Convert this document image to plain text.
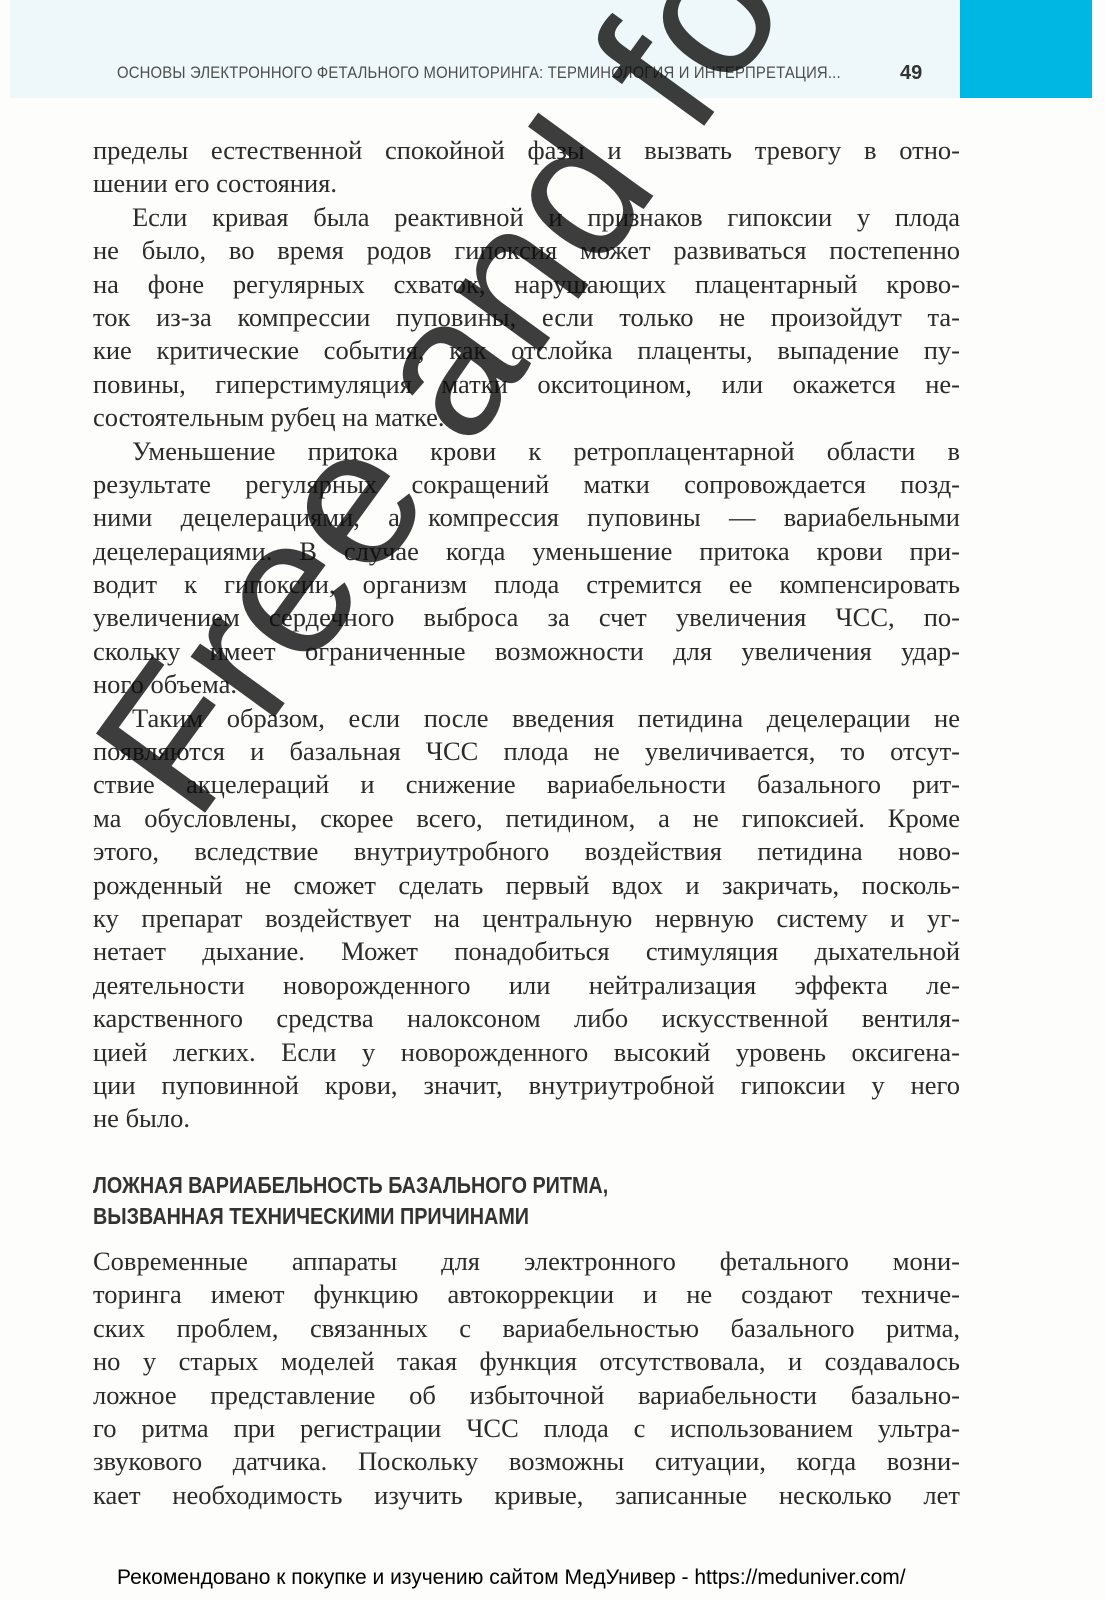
ОСНОВЫ ЭЛЕКТРОННОГО ФЕТАЛЬНОГО МОНИТОРИНГА: ТЕРМИНОЛОГИЯ И ИНТЕРПРЕТАЦИЯ...	49
пределы естественной спокойной фазы и вызвать тревогу в отно-
шении его состояния.
Если кривая была реактивной и признаков гипоксии у плода
не было, во время родов гипоксия может развиваться постепенно
на фоне регулярных схваток, нарушающих плацентарный крово-
ток из-за компрессии пуповины, если только не произойдут та-
кие критические события, как отслойка плаценты, выпадение пу-
повины, гиперстимуляция матки окситоцином, или окажется не-
состоятельным рубец на матке.
Уменьшение притока крови к ретроплацентарной области в
результате регулярных сокращений матки сопровождается позд-
ними децелерациями, а компрессия пуповины — вариабельными
децелерациями. В случае когда уменьшение притока крови при-
водит к гипоксии, организм плода стремится ее компенсировать
увеличением сердечного выброса за счет увеличения ЧСС, по-
скольку имеет ограниченные возможности для увеличения удар-
ного объема.
Таким образом, если после введения петидина децелерации не
появляются и базальная ЧСС плода не увеличивается, то отсут-
ствие акцелераций и снижение вариабельности базального рит-
ма обусловлены, скорее всего, петидином, а не гипоксией. Кроме
этого, вследствие внутриутробного воздействия петидина ново-
рожденный не сможет сделать первый вдох и закричать, посколь-
ку препарат воздействует на центральную нервную систему и уг-
нетает дыхание. Может понадобиться стимуляция дыхательной
деятельности новорожденного или нейтрализация эффекта ле-
карственного средства налоксоном либо искусственной вентиля-
цией легких. Если у новорожденного высокий уровень оксигена-
ции пуповинной крови, значит, внутриутробной гипоксии у него
не было.
ЛОЖНАЯ ВАРИАБЕЛЬНОСТЬ БАЗАЛЬНОГО РИТМА,
ВЫЗВАННАЯ ТЕХНИЧЕСКИМИ ПРИЧИНАМИ
Современные аппараты для электронного фетального мони-
торинга имеют функцию автокоррекции и не создают техниче-
ских проблем, связанных с вариабельностью базального ритма,
но у старых моделей такая функция отсутствовала, и создавалось
ложное представление об избыточной вариабельности базально-
го ритма при регистрации ЧСС плода с использованием ультра-
звукового датчика. Поскольку возможны ситуации, когда возни-
кает необходимость изучить кривые, записанные несколько лет
Рекомендовано к покупке и изучению сайтом МедУнивер - https://meduniver.com/
